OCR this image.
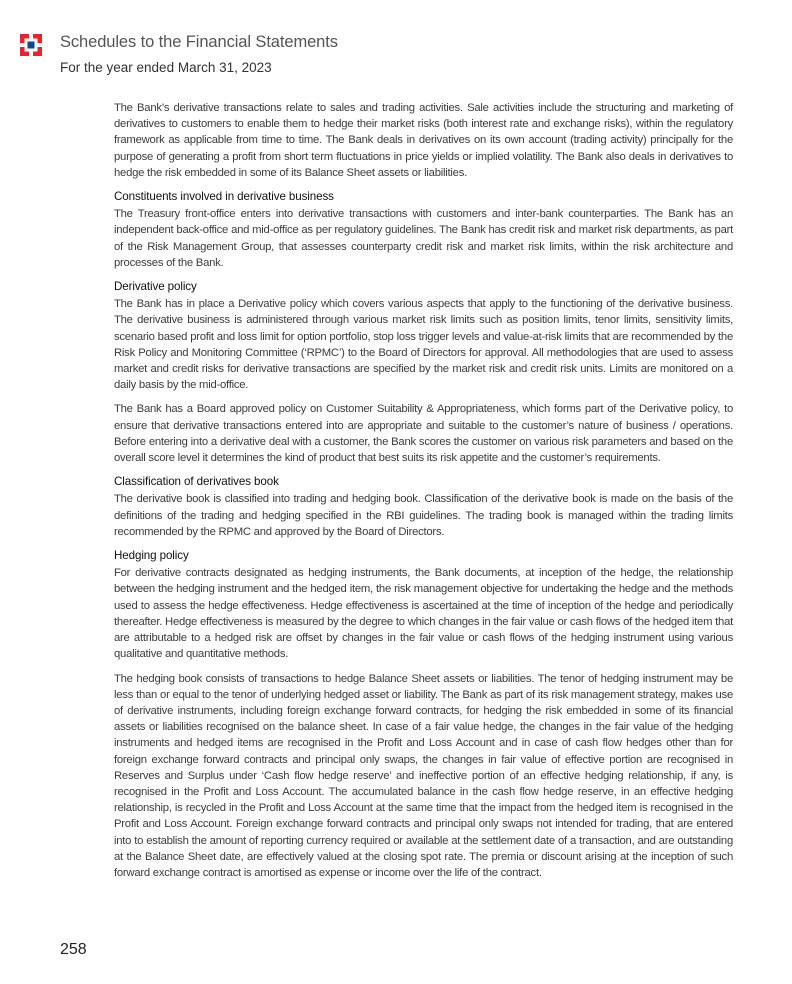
Schedules to the Financial Statements
For the year ended March 31, 2023

The Bank’s derivative transactions relate to sales and trading activities. Sale activities include the structuring and marketing of derivatives to customers to enable them to hedge their market risks (both interest rate and exchange risks), within the regulatory framework as applicable from time to time. The Bank deals in derivatives on its own account (trading activity) principally for the purpose of generating a profit from short term fluctuations in price yields or implied volatility. The Bank also deals in derivatives to hedge the risk embedded in some of its Balance Sheet assets or liabilities.

Constituents involved in derivative business

The Treasury front-office enters into derivative transactions with customers and inter-bank counterparties. The Bank has an independent back-office and mid-office as per regulatory guidelines. The Bank has credit risk and market risk departments, as part of the Risk Management Group, that assesses counterparty credit risk and market risk limits, within the risk architecture and processes of the Bank.

Derivative policy

The Bank has in place a Derivative policy which covers various aspects that apply to the functioning of the derivative business. The derivative business is administered through various market risk limits such as position limits, tenor limits, sensitivity limits, scenario based profit and loss limit for option portfolio, stop loss trigger levels and value-at-risk limits that are recommended by the Risk Policy and Monitoring Committee (‘RPMC’) to the Board of Directors for approval. All methodologies that are used to assess market and credit risks for derivative transactions are specified by the market risk and credit risk units. Limits are monitored on a daily basis by the mid-office.

The Bank has a Board approved policy on Customer Suitability & Appropriateness, which forms part of the Derivative policy, to ensure that derivative transactions entered into are appropriate and suitable to the customer’s nature of business / operations. Before entering into a derivative deal with a customer, the Bank scores the customer on various risk parameters and based on the overall score level it determines the kind of product that best suits its risk appetite and the customer’s requirements.

Classification of derivatives book

The derivative book is classified into trading and hedging book. Classification of the derivative book is made on the basis of the definitions of the trading and hedging specified in the RBI guidelines. The trading book is managed within the trading limits recommended by the RPMC and approved by the Board of Directors.

Hedging policy

For derivative contracts designated as hedging instruments, the Bank documents, at inception of the hedge, the relationship between the hedging instrument and the hedged item, the risk management objective for undertaking the hedge and the methods used to assess the hedge effectiveness. Hedge effectiveness is ascertained at the time of inception of the hedge and periodically thereafter. Hedge effectiveness is measured by the degree to which changes in the fair value or cash flows of the hedged item that are attributable to a hedged risk are offset by changes in the fair value or cash flows of the hedging instrument using various qualitative and quantitative methods.

The hedging book consists of transactions to hedge Balance Sheet assets or liabilities. The tenor of hedging instrument may be less than or equal to the tenor of underlying hedged asset or liability. The Bank as part of its risk management strategy, makes use of derivative instruments, including foreign exchange forward contracts, for hedging the risk embedded in some of its financial assets or liabilities recognised on the balance sheet. In case of a fair value hedge, the changes in the fair value of the hedging instruments and hedged items are recognised in the Profit and Loss Account and in case of cash flow hedges other than for foreign exchange forward contracts and principal only swaps, the changes in fair value of effective portion are recognised in Reserves and Surplus under ‘Cash flow hedge reserve’ and ineffective portion of an effective hedging relationship, if any, is recognised in the Profit and Loss Account. The accumulated balance in the cash flow hedge reserve, in an effective hedging relationship, is recycled in the Profit and Loss Account at the same time that the impact from the hedged item is recognised in the Profit and Loss Account. Foreign exchange forward contracts and principal only swaps not intended for trading, that are entered into to establish the amount of reporting currency required or available at the settlement date of a transaction, and are outstanding at the Balance Sheet date, are effectively valued at the closing spot rate. The premia or discount arising at the inception of such forward exchange contract is amortised as expense or income over the life of the contract.

258
